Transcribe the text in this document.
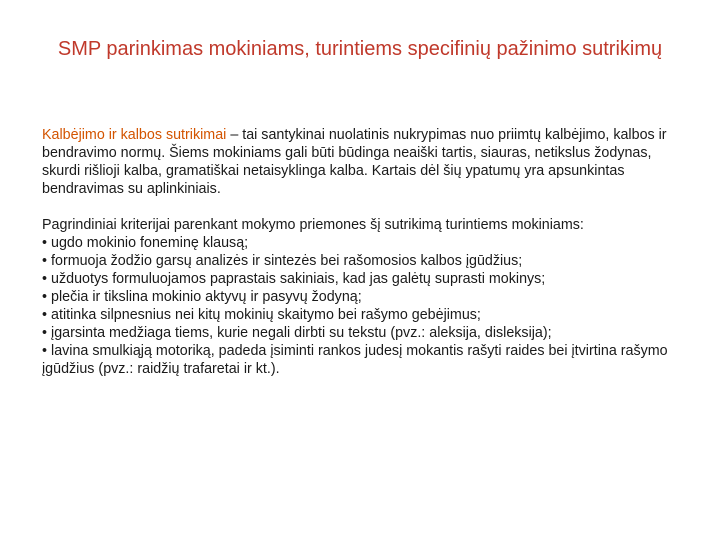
SMP parinkimas mokiniams, turintiems specifinių pažinimo sutrikimų

Kalbėjimo ir kalbos sutrikimai – tai santykinai nuolatinis nukrypimas nuo priimtų kalbėjimo, kalbos ir bendravimo normų. Šiems mokiniams gali būti būdinga neaiški tartis, siauras, netikslus žodynas, skurdi rišlioji kalba, gramatiškai netaisyklinga kalba. Kartais dėl šių ypatumų yra apsunkintas bendravimas su aplinkiniais.

Pagrindiniai kriterijai parenkant mokymo priemones šį sutrikimą turintiems mokiniams:
• ugdo mokinio foneminę klausą;
• formuoja žodžio garsų analizės ir sintezės bei rašomosios kalbos įgūdžius;
• užduotys formuluojamos paprastais sakiniais, kad jas galėtų suprasti mokinys;
• plečia ir tikslina mokinio aktyvų ir pasyvų žodyną;
• atitinka silpnesnius nei kitų mokinių skaitymo bei rašymo gebėjimus;
• įgarsinta medžiaga tiems, kurie negali dirbti su tekstu (pvz.: aleksija, disleksija);
• lavina smulkiąją motoriką, padeda įsiminti rankos judesį mokantis rašyti raides bei įtvirtina rašymo įgūdžius (pvz.: raidžių trafaretai ir kt.).
